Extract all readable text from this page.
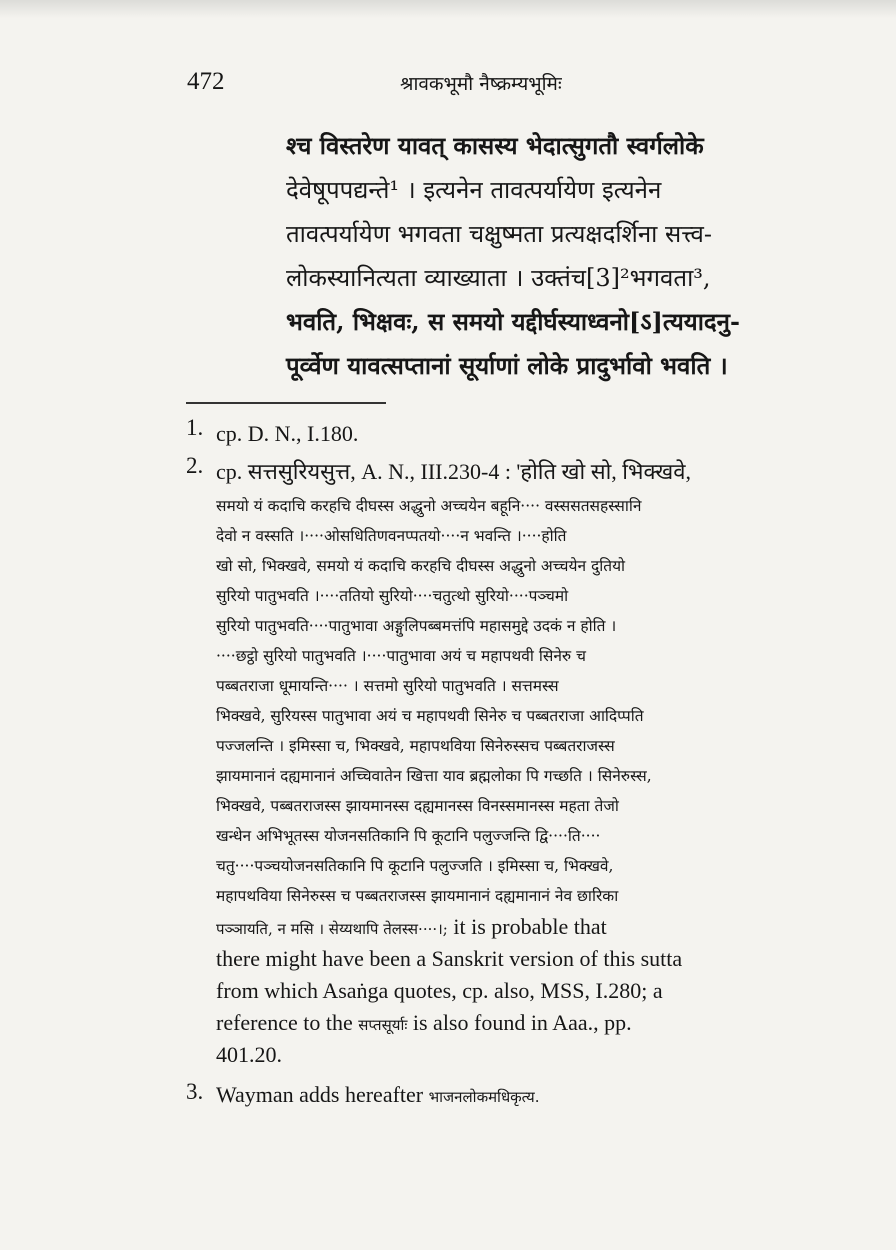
472	श्रावकभूमौ नैष्क्रम्यभूमिः
श्च विस्तरेण यावत् कासस्य भेदात्सुगतौ स्वर्गलोके
देवेषूपपद्यन्ते¹ । इत्यनेन तावत्पर्यायेण इत्यनेन
तावत्पर्यायेण भगवता चक्षुष्मता प्रत्यक्षदर्शिना सत्त्व-
लोकस्यानित्यता व्याख्याता । उक्तंच[3]²भगवता³,
भवति, भिक्षवः, स समयो यद्दीर्घस्याध्वनो[ऽ]त्ययादनु-
पूर्व्वेण यावत्सप्तानां सूर्याणां लोके प्रादुर्भावो भवति ।
1. cp. D. N., I.180.
2. cp. सत्तसुरियसुत्त, A. N., III.230-4 : 'होति खो सो, भिक्खवे,
समयो यं कदाचि करहचि दीघस्स अद्धुनो अच्चयेन बहूनि···· वस्ससतसहस्सानि
देवो न वस्सति ।····ओसधितिणवनप्पतयो····न भवन्ति ।····होति
खो सो, भिक्खवे, समयो यं कदाचि करहचि दीघस्स अद्धुनो अच्चयेन दुतियो
सुरियो पातुभवति ।····ततियो सुरियो····चतुत्थो सुरियो····पञ्चमो
सुरियो पातुभवति····पातुभावा अङ्गुलिपब्बमत्तंपि महासमुद्दे उदकं न होति ।
····छट्ठो सुरियो पातुभवति ।····पातुभावा अयं च महापथवी सिनेरु च
पब्बतराजा धूमायन्ति···· । सत्तमो सुरियो पातुभवति । सत्तमस्स
भिक्खवे, सुरियस्स पातुभावा अयं च महापथवी सिनेरु च पब्बतराजा आदिप्पति
पज्जलन्ति । इमिस्सा च, भिक्खवे, महापथविया सिनेरुस्सच पब्बतराजस्स
झायमानानं दह्यमानानं अच्चिवातेन खित्ता याव ब्रह्मलोका पि गच्छति । सिनेरुस्स,
भिक्खवे, पब्बतराजस्स झायमानस्स दह्यमानस्स विनस्समानस्स महता तेजो
खन्धेन अभिभूतस्स योजनसतिकानि पि कूटानि पलुज्जन्ति द्वि····ति····
चतु····पञ्चयोजनसतिकानि पि कूटानि पलुज्जति । इमिस्सा च, भिक्खवे,
महापथविया सिनेरुस्स च पब्बतराजस्स झायमानानं दह्यमानानं नेव छारिका
पञ्ञायति, न मसि । सेय्यथापि तेलस्स····।; it is probable that
there might have been a Sanskrit version of this sutta
from which Asaṅga quotes, cp. also, MSS, I.280; a
reference to the सप्तसूर्याः is also found in Aaa., pp.
401.20.
3. Wayman adds hereafter भाजनलोकमधिकृत्य.
